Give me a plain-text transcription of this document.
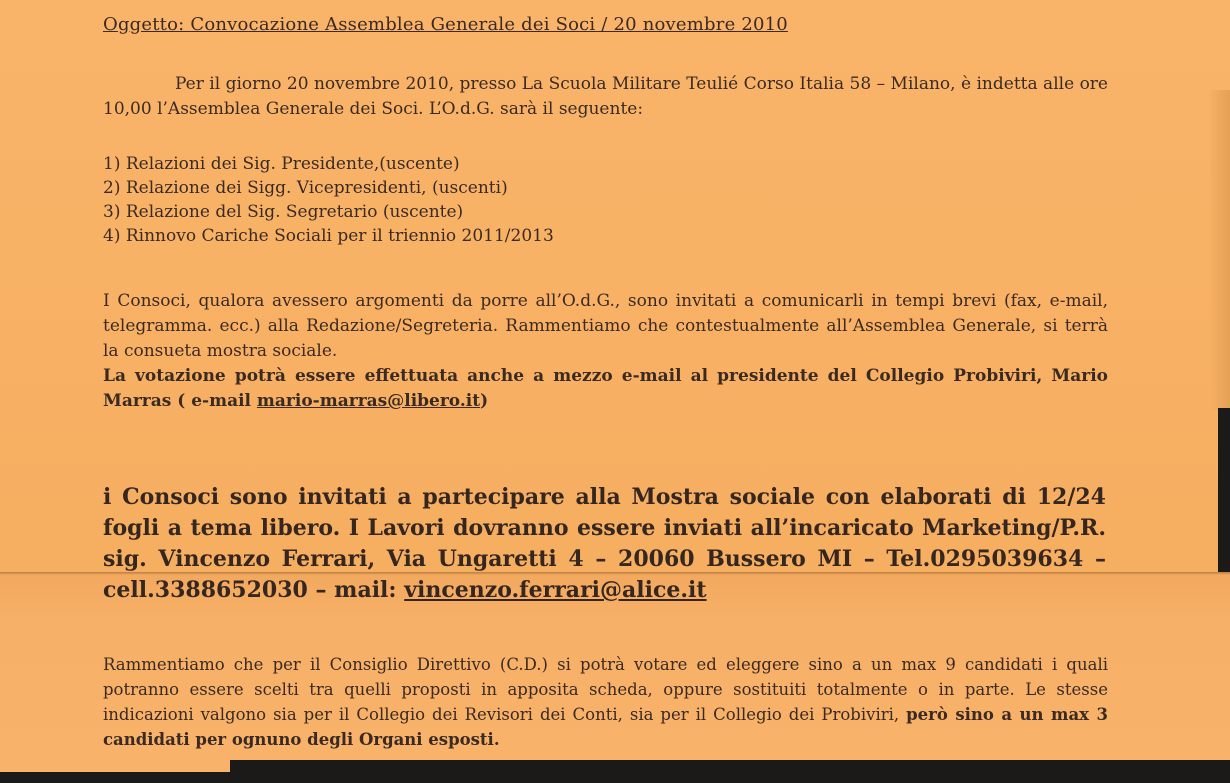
Oggetto: Convocazione Assemblea Generale dei Soci / 20 novembre 2010
Per il giorno 20 novembre 2010, presso La Scuola Militare Teulié Corso Italia 58 – Milano, è indetta alle ore 10,00 l’Assemblea Generale dei Soci. L’O.d.G. sarà il seguente:
1) Relazioni dei Sig. Presidente,(uscente)
2) Relazione dei Sigg. Vicepresidenti, (uscenti)
3) Relazione del Sig. Segretario (uscente)
4) Rinnovo Cariche Sociali per il triennio 2011/2013
I Consoci, qualora avessero argomenti da porre all’O.d.G., sono invitati a comunicarli in tempi brevi (fax, e-mail, telegramma. ecc.) alla Redazione/Segreteria. Rammentiamo che contestualmente all’Assemblea Generale, si terrà la consueta mostra sociale.
La votazione potrà essere effettuata anche a mezzo e-mail al presidente del Collegio Probiviri, Mario Marras ( e-mail mario-marras@libero.it)
i Consoci sono invitati a partecipare alla Mostra sociale con elaborati di 12/24 fogli a tema libero. I Lavori dovranno essere inviati all’incaricato Marketing/P.R. sig. Vincenzo Ferrari, Via Ungaretti 4 – 20060 Bussero MI – Tel.0295039634 – cell.3388652030 – mail: vincenzo.ferrari@alice.it
Rammentiamo che per il Consiglio Direttivo (C.D.) si potrà votare ed eleggere sino a un max 9 candidati i quali potranno essere scelti tra quelli proposti in apposita scheda, oppure sostituiti totalmente o in parte. Le stesse indicazioni valgono sia per il Collegio dei Revisori dei Conti, sia per il Collegio dei Probiviri, però sino a un max 3 candidati per ognuno degli Organi esposti.
